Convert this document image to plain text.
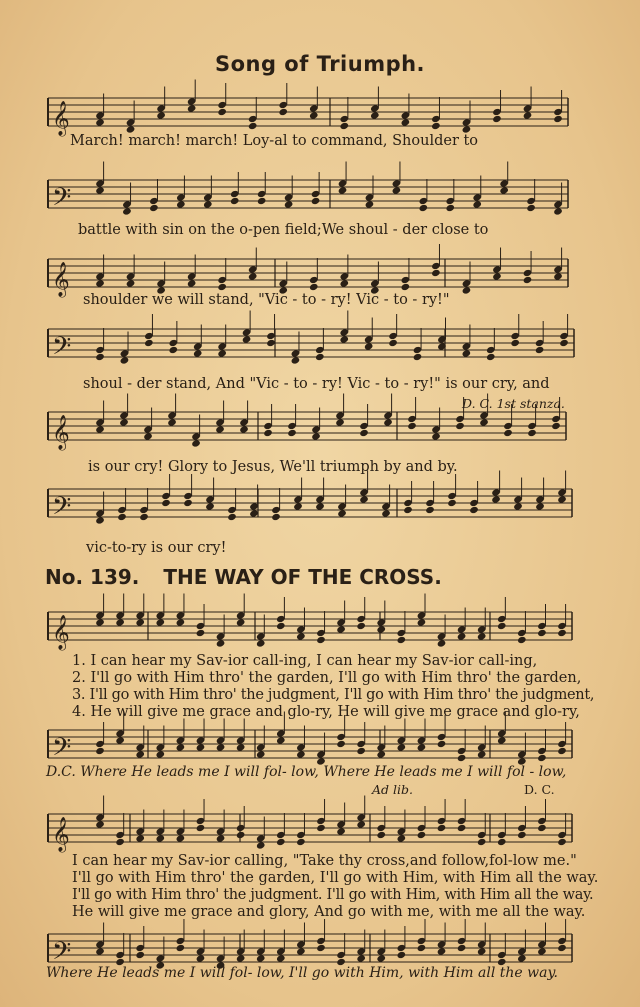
Song of Triumph.
𝄞
𝄢
𝄞
𝄢
𝄞
𝄢
𝄞
𝄢
𝄞
𝄢
March! march! march! Loy-al to command, Shoulder to
battle with sin on the o-pen field;We shoul - der close to
shoulder we will stand, "Vic - to - ry! Vic - to - ry!"
shoul - der stand, And "Vic - to - ry! Vic - to - ry!" is our cry, and
D. C. 1st stanza.
is our cry! Glory to Jesus, We'll triumph by and by.
vic-to-ry is our cry!
No. 139. THE WAY OF THE CROSS.
1. I can hear my Sav-ior call-ing, I can hear my Sav-ior call-ing,
2. I'll go with Him thro' the garden, I'll go with Him thro' the garden,
3. I'll go with Him thro' the judgment, I'll go with Him thro' the judgment,
4. He will give me grace and glo-ry, He will give me grace and glo-ry,
D.C. Where He leads me I will fol- low, Where He leads me I will fol - low,
Ad lib.	D. C.
I can hear my Sav-ior calling, "Take thy cross,and follow,fol-low me."
I'll go with Him thro' the garden, I'll go with Him, with Him all the way.
I'll go with Him thro' the judgment. I'll go with Him, with Him all the way.
He will give me grace and glory, And go with me, with me all the way.
Where He leads me I will fol- low, I'll go with Him, with Him all the way.
